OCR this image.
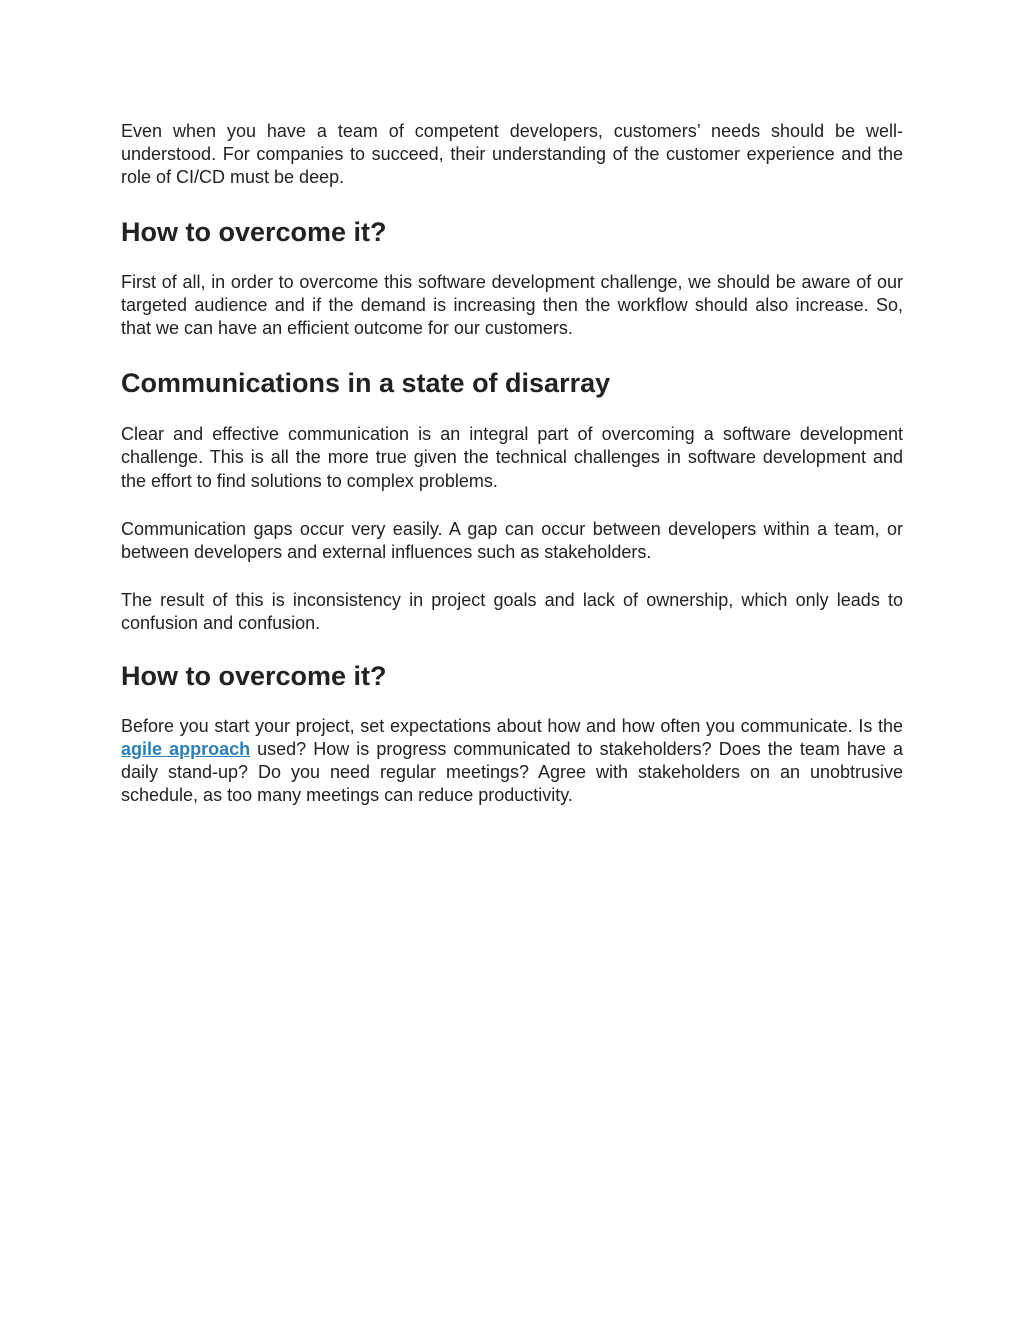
Even when you have a team of competent developers, customers’ needs should be well-understood. For companies to succeed, their understanding of the customer experience and the role of CI/CD must be deep.

How to overcome it?

First of all, in order to overcome this software development challenge, we should be aware of our targeted audience and if the demand is increasing then the workflow should also increase. So, that we can have an efficient outcome for our customers.

Communications in a state of disarray

Clear and effective communication is an integral part of overcoming a software development challenge. This is all the more true given the technical challenges in software development and the effort to find solutions to complex problems.

Communication gaps occur very easily. A gap can occur between developers within a team, or between developers and external influences such as stakeholders.

The result of this is inconsistency in project goals and lack of ownership, which only leads to confusion and confusion.

How to overcome it?

Before you start your project, set expectations about how and how often you communicate. Is the agile approach used? How is progress communicated to stakeholders? Does the team have a daily stand-up? Do you need regular meetings? Agree with stakeholders on an unobtrusive schedule, as too many meetings can reduce productivity.
